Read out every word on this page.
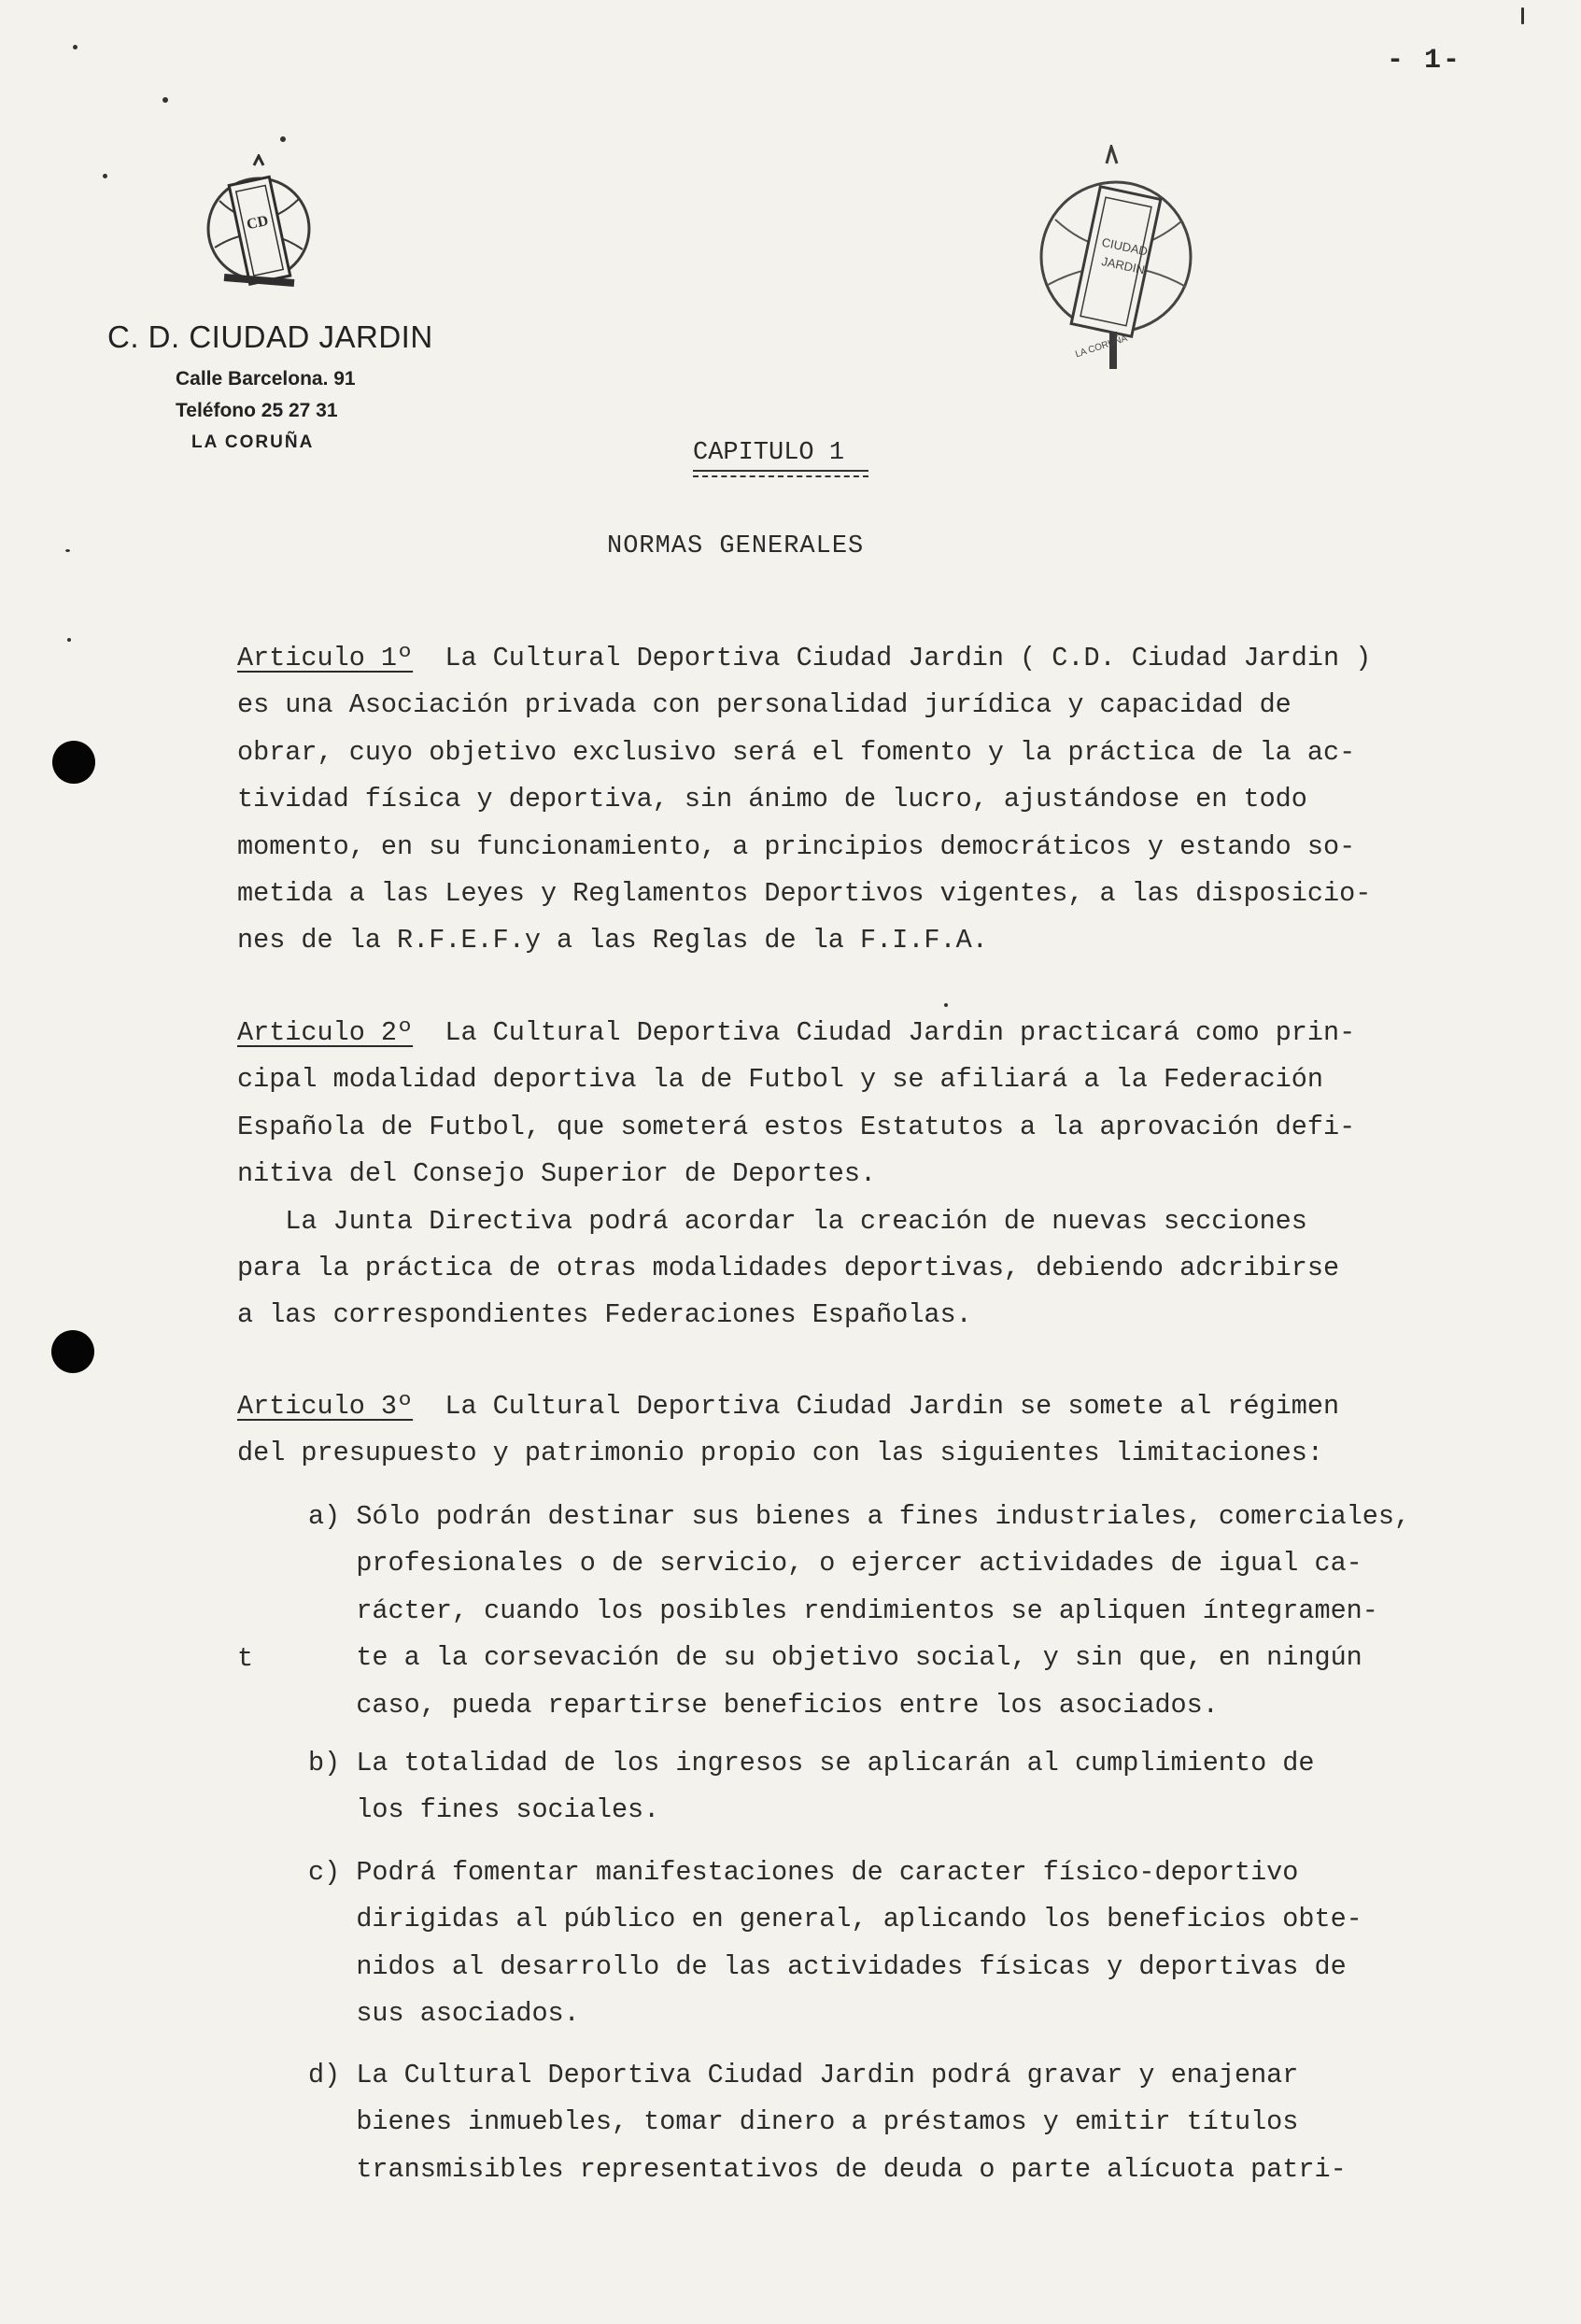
- 1-
CD
CIUDAD
JARDIN
LA CORUÑA
C. D. CIUDAD JARDIN
Calle Barcelona. 91
Teléfono 25 27 31
LA CORUÑA	CAPITULO 1
NORMAS GENERALES
Articulo 1º  La Cultural Deportiva Ciudad Jardin ( C.D. Ciudad Jardin )
es una Asociación privada con personalidad jurídica y capacidad de
obrar, cuyo objetivo exclusivo será el fomento y la práctica de la ac-
tividad física y deportiva, sin ánimo de lucro, ajustándose en todo
momento, en su funcionamiento, a principios democráticos y estando so-
metida a las Leyes y Reglamentos Deportivos vigentes, a las disposicio-
nes de la R.F.E.F.y a las Reglas de la F.I.F.A.
Articulo 2º  La Cultural Deportiva Ciudad Jardin practicará como prin-
cipal modalidad deportiva la de Futbol y se afiliará a la Federación
Española de Futbol, que someterá estos Estatutos a la aprovación defi-
nitiva del Consejo Superior de Deportes.
La Junta Directiva podrá acordar la creación de nuevas secciones
para la práctica de otras modalidades deportivas, debiendo adcribirse
a las correspondientes Federaciones Españolas.
Articulo 3º  La Cultural Deportiva Ciudad Jardin se somete al régimen
del presupuesto y patrimonio propio con las siguientes limitaciones:
a) Sólo podrán destinar sus bienes a fines industriales, comerciales,
profesionales o de servicio, o ejercer actividades de igual ca-
rácter, cuando los posibles rendimientos se apliquen íntegramen-
te a la corsevación de su objetivo social, y sin que, en ningún
caso, pueda repartirse beneficios entre los asociados.
t
b) La totalidad de los ingresos se aplicarán al cumplimiento de
los fines sociales.
c) Podrá fomentar manifestaciones de caracter físico-deportivo
dirigidas al público en general, aplicando los beneficios obte-
nidos al desarrollo de las actividades físicas y deportivas de
sus asociados.
d) La Cultural Deportiva Ciudad Jardin podrá gravar y enajenar
bienes inmuebles, tomar dinero a préstamos y emitir títulos
transmisibles representativos de deuda o parte alícuota patri-
